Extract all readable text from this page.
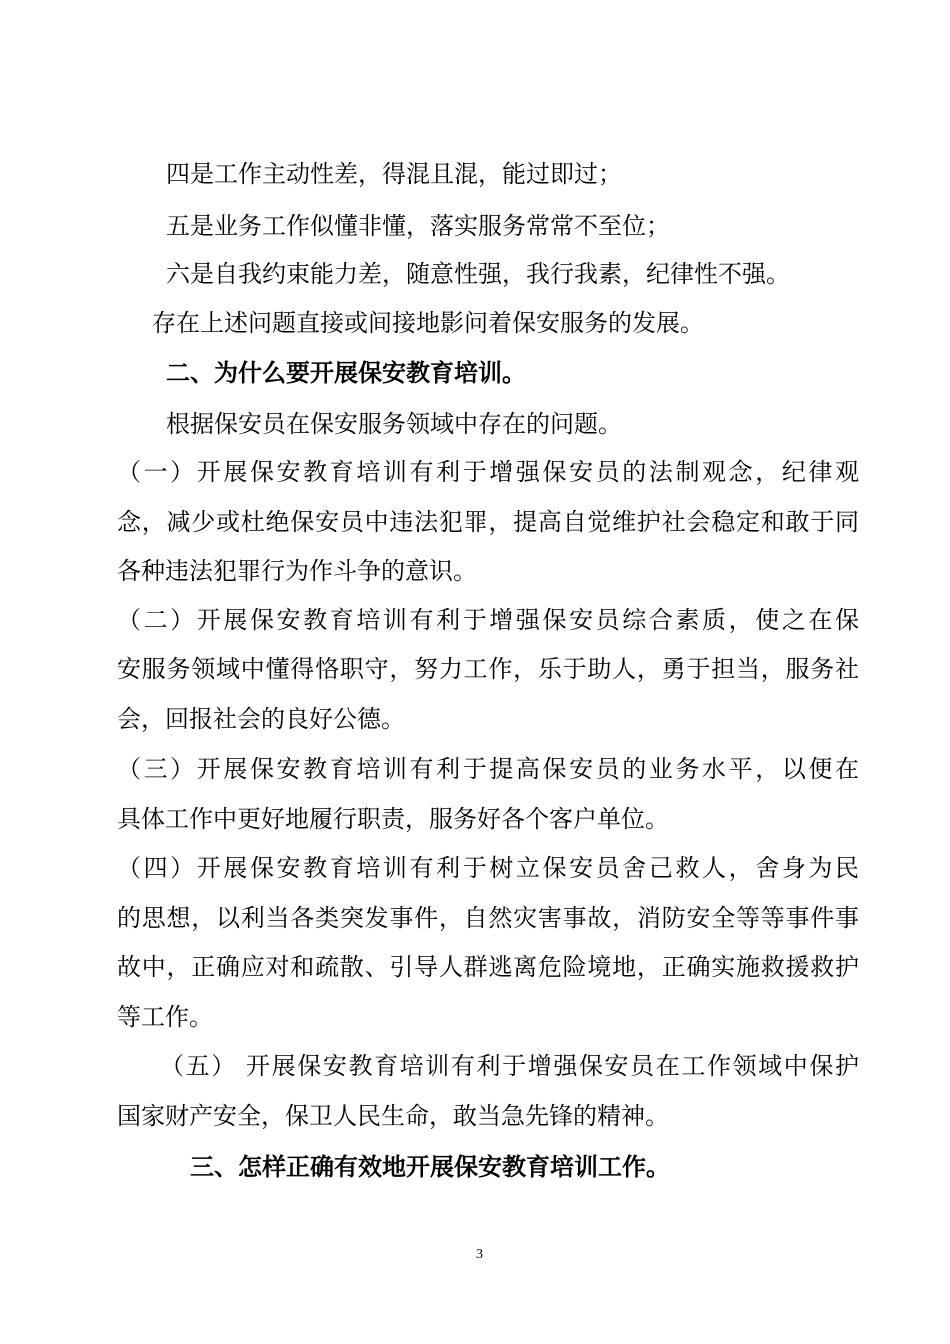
四是工作主动性差，得混且混，能过即过；
五是业务工作似懂非懂，落实服务常常不至位；
六是自我约束能力差，随意性强，我行我素，纪律性不强。
存在上述问题直接或间接地影问着保安服务的发展。
二、为什么要开展保安教育培训。
根据保安员在保安服务领域中存在的问题。
（一）开展保安教育培训有利于增强保安员的法制观念，纪律观
念，减少或杜绝保安员中违法犯罪，提高自觉维护社会稳定和敢于同
各种违法犯罪行为作斗争的意识。
（二）开展保安教育培训有利于增强保安员综合素质，使之在保
安服务领域中懂得恪职守，努力工作，乐于助人，勇于担当，服务社
会，回报社会的良好公德。
（三）开展保安教育培训有利于提高保安员的业务水平，以便在
具体工作中更好地履行职责，服务好各个客户单位。
（四）开展保安教育培训有利于树立保安员舍己救人，舍身为民
的思想，以利当各类突发事件，自然灾害事故，消防安全等等事件事
故中，正确应对和疏散、引导人群逃离危险境地，正确实施救援救护
等工作。
（五） 开展保安教育培训有利于增强保安员在工作领域中保护
国家财产安全，保卫人民生命，敢当急先锋的精神。
三、怎样正确有效地开展保安教育培训工作。
3
